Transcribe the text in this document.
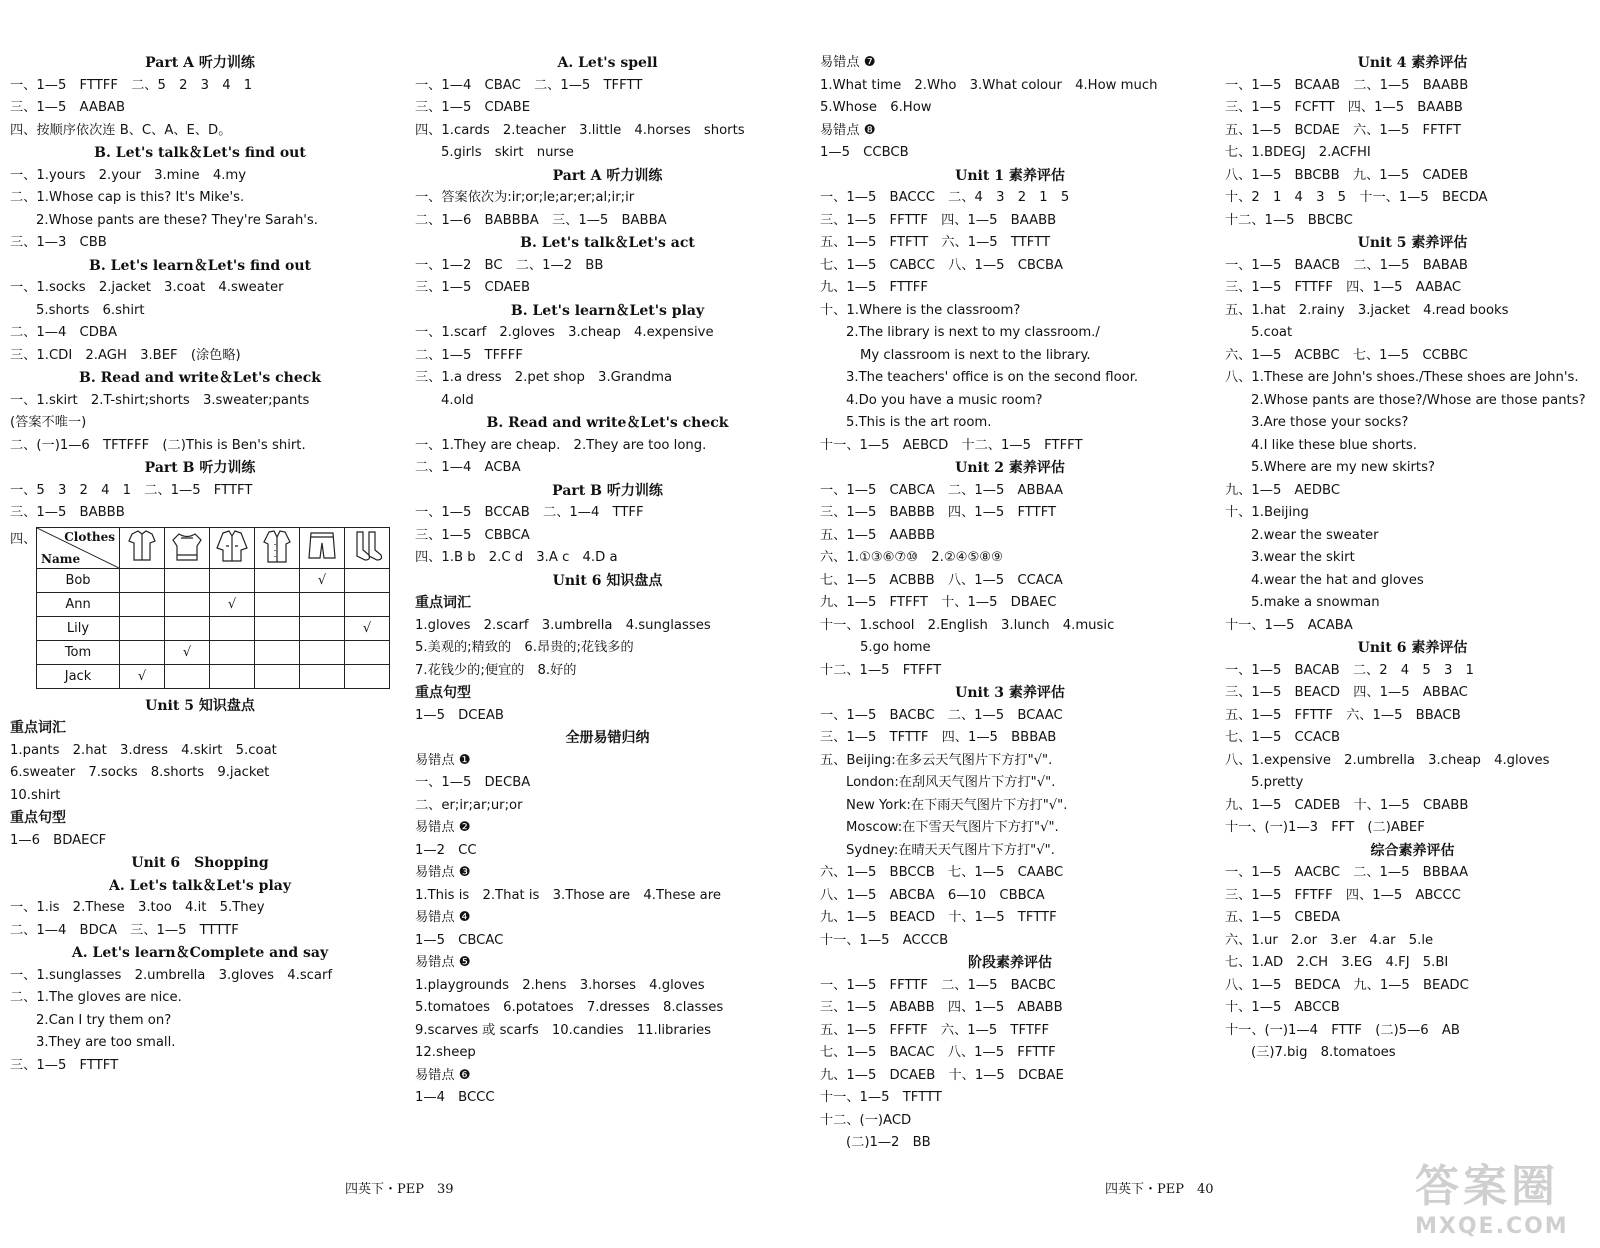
Part A 听力训练
一、1—5　FTTFF　二、5　2　3　4　1
三、1—5　AABAB
四、按顺序依次连 B、C、A、E、D。
B. Let's talk＆Let's find out
一、1.yours　2.your　3.mine　4.my
二、1.Whose cap is this? It's Mike's.
2.Whose pants are these? They're Sarah's.
三、1—3　CBB
B. Let's learn＆Let's find out
一、1.socks　2.jacket　3.coat　4.sweater
5.shorts　6.shirt
二、1—4　CDBA
三、1.CDI　2.AGH　3.BEF　(涂色略)
B. Read and write＆Let's check
一、1.skirt　2.T-shirt;shorts　3.sweater;pants
(答案不唯一)
二、(一)1—6　TFTFFF　(二)This is Ben's shirt.
Part B 听力训练
一、5　3　2　4　1　二、1—5　FTTFT
三、1—5　BABBB
四、 Clothes
Name

Bob					√	
Ann			√			
Lily						√
Tom		√				
Jack	√					
Unit 5 知识盘点
重点词汇
1.pants　2.hat　3.dress　4.skirt　5.coat
6.sweater　7.socks　8.shorts　9.jacket
10.shirt
重点句型
1—6　BDAECF
Unit 6　Shopping
A. Let's talk＆Let's play
一、1.is　2.These　3.too　4.it　5.They
二、1—4　BDCA　三、1—5　TTTTF
A. Let's learn＆Complete and say
一、1.sunglasses　2.umbrella　3.gloves　4.scarf
二、1.The gloves are nice.
2.Can I try them on?
3.They are too small.
三、1—5　FTTFT
A. Let's spell
一、1—4　CBAC　二、1—5　TFFTT
三、1—5　CDABE
四、1.cards　2.teacher　3.little　4.horses　shorts
5.girls　skirt　nurse
Part A 听力训练
一、答案依次为:ir;or;le;ar;er;al;ir;ir
二、1—6　BABBBA　三、1—5　BABBA
B. Let's talk＆Let's act
一、1—2　BC　二、1—2　BB
三、1—5　CDAEB
B. Let's learn＆Let's play
一、1.scarf　2.gloves　3.cheap　4.expensive
二、1—5　TFFFF
三、1.a dress　2.pet shop　3.Grandma
4.old
B. Read and write＆Let's check
一、1.They are cheap.　2.They are too long.
二、1—4　ACBA
Part B 听力训练
一、1—5　BCCAB　二、1—4　TTFF
三、1—5　CBBCA
四、1.B b　2.C d　3.A c　4.D a
Unit 6 知识盘点
重点词汇
1.gloves　2.scarf　3.umbrella　4.sunglasses
5.美观的;精致的　6.昂贵的;花钱多的
7.花钱少的;便宜的　8.好的
重点句型
1—5　DCEAB
全册易错归纳
易错点 ❶
一、1—5　DECBA
二、er;ir;ar;ur;or
易错点 ❷
1—2　CC
易错点 ❸
1.This is　2.That is　3.Those are　4.These are
易错点 ❹
1—5　CBCAC
易错点 ❺
1.playgrounds　2.hens　3.horses　4.gloves
5.tomatoes　6.potatoes　7.dresses　8.classes
9.scarves 或 scarfs　10.candies　11.libraries
12.sheep
易错点 ❻
1—4　BCCC
易错点 ❼
1.What time　2.Who　3.What colour　4.How much
5.Whose　6.How
易错点 ❽
1—5　CCBCB
Unit 1 素养评估
一、1—5　BACCC　二、4　3　2　1　5
三、1—5　FFTTF　四、1—5　BAABB
五、1—5　FTFTT　六、1—5　TTFTT
七、1—5　CABCC　八、1—5　CBCBA
九、1—5　FTTFF
十、1.Where is the classroom?
2.The library is next to my classroom./
My classroom is next to the library.
3.The teachers' office is on the second floor.
4.Do you have a music room?
5.This is the art room.
十一、1—5　AEBCD　十二、1—5　FTFFT
Unit 2 素养评估
一、1—5　CABCA　二、1—5　ABBAA
三、1—5　BABBB　四、1—5　FTTFT
五、1—5　AABBB
六、1.①③⑥⑦⑩　2.②④⑤⑧⑨
七、1—5　ACBBB　八、1—5　CCACA
九、1—5　FTFFT　十、1—5　DBAEC
十一、1.school　2.English　3.lunch　4.music
5.go home
十二、1—5　FTFFT
Unit 3 素养评估
一、1—5　BACBC　二、1—5　BCAAC
三、1—5　TFTTF　四、1—5　BBBAB
五、Beijing:在多云天气图片下方打"√".
London:在刮风天气图片下方打"√".
New York:在下雨天气图片下方打"√".
Moscow:在下雪天气图片下方打"√".
Sydney:在晴天天气图片下方打"√".
六、1—5　BBCCB　七、1—5　CAABC
八、1—5　ABCBA　6—10　CBBCA
九、1—5　BEACD　十、1—5　TFTTF
十一、1—5　ACCCB
阶段素养评估
一、1—5　FFTTF　二、1—5　BACBC
三、1—5　ABABB　四、1—5　ABABB
五、1—5　FFFTF　六、1—5　TFTFF
七、1—5　BACAC　八、1—5　FFTTF
九、1—5　DCAEB　十、1—5　DCBAE
十一、1—5　TFTTT
十二、(一)ACD
(二)1—2　BB
Unit 4 素养评估
一、1—5　BCAAB　二、1—5　BAABB
三、1—5　FCFTT　四、1—5　BAABB
五、1—5　BCDAE　六、1—5　FFTFT
七、1.BDEGJ　2.ACFHI
八、1—5　BBCBB　九、1—5　CADEB
十、2　1　4　3　5　十一、1—5　BECDA
十二、1—5　BBCBC
Unit 5 素养评估
一、1—5　BAACB　二、1—5　BABAB
三、1—5　FTTFF　四、1—5　AABAC
五、1.hat　2.rainy　3.jacket　4.read books
5.coat
六、1—5　ACBBC　七、1—5　CCBBC
八、1.These are John's shoes./These shoes are John's.
2.Whose pants are those?/Whose are those pants?
3.Are those your socks?
4.I like these blue shorts.
5.Where are my new skirts?
九、1—5　AEDBC
十、1.Beijing
2.wear the sweater
3.wear the skirt
4.wear the hat and gloves
5.make a snowman
十一、1—5　ACABA
Unit 6 素养评估
一、1—5　BACAB　二、2　4　5　3　1
三、1—5　BEACD　四、1—5　ABBAC
五、1—5　FFTTF　六、1—5　BBACB
七、1—5　CCACB
八、1.expensive　2.umbrella　3.cheap　4.gloves
5.pretty
九、1—5　CADEB　十、1—5　CBABB
十一、(一)1—3　FFT　(二)ABEF
综合素养评估
一、1—5　AACBC　二、1—5　BBBAA
三、1—5　FFTFF　四、1—5　ABCCC
五、1—5　CBEDA
六、1.ur　2.or　3.er　4.ar　5.le
七、1.AD　2.CH　3.EG　4.FJ　5.BI
八、1—5　BEDCA　九、1—5　BEADC
十、1—5　ABCCB
十一、(一)1—4　FTTF　(二)5—6　AB
(三)7.big　8.tomatoes
四英下・PEP　39	四英下・PEP　40	答案圈
MXQE.COM
